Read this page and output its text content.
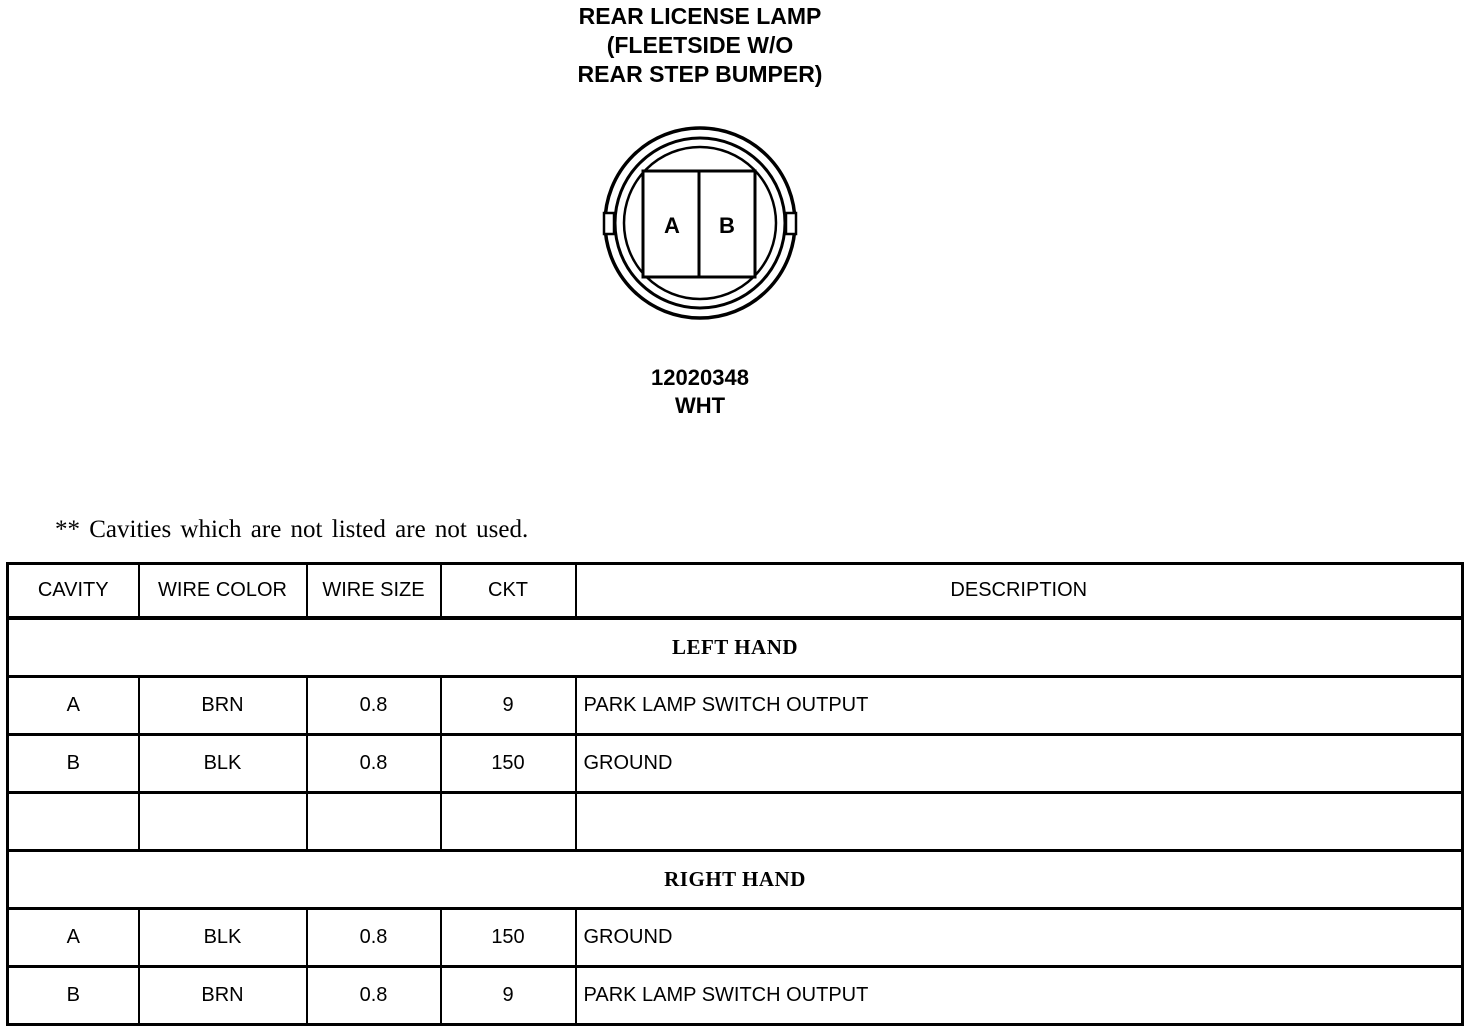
REAR LICENSE LAMP
(FLEETSIDE W/O
REAR STEP BUMPER)
A B
12020348
WHT
** Cavities which are not listed are not used.
CAVITY	WIRE COLOR	WIRE SIZE	CKT	DESCRIPTION
LEFT HAND				
A	BRN	0.8	9	PARK LAMP SWITCH OUTPUT
B	BLK	0.8	150	GROUND

RIGHT HAND				
A	BLK	0.8	150	GROUND
B	BRN	0.8	9	PARK LAMP SWITCH OUTPUT
